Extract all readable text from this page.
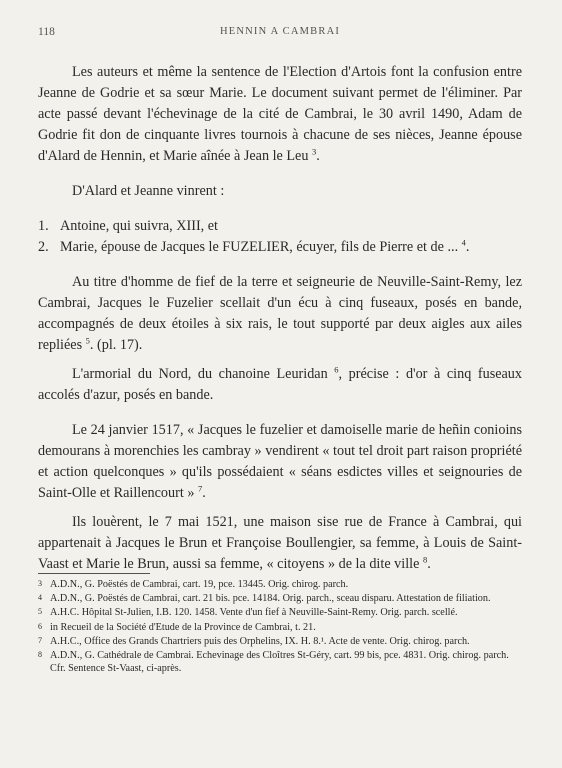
118	HENNIN A CAMBRAI

Les auteurs et même la sentence de l'Election d'Artois font la confusion entre Jeanne de Godrie et sa sœur Marie. Le document suivant permet de l'éliminer. Par acte passé devant l'échevinage de la cité de Cambrai, le 30 avril 1490, Adam de Godrie fit don de cinquante livres tournois à chacune de ses nièces, Jeanne épouse d'Alard de Hennin, et Marie aînée à Jean le Leu $^3$.

D'Alard et Jeanne vinrent :

1. Antoine, qui suivra, XIII, et
2. Marie, épouse de Jacques le FUZELIER, écuyer, fils de Pierre et de ... $^4$.

Au titre d'homme de fief de la terre et seigneurie de Neuville-Saint-Remy, lez Cambrai, Jacques le Fuzelier scellait d'un écu à cinq fuseaux, posés en bande, accompagnés de deux étoiles à six rais, le tout supporté par deux aigles aux ailes repliées $^5$. (pl. 17).

L'armorial du Nord, du chanoine Leuridan $^6$, précise : d'or à cinq fuseaux accolés d'azur, posés en bande.

Le 24 janvier 1517, « Jacques le fuzelier et damoiselle marie de heñin conioins demourans à morenchies les cambray » vendirent « tout tel droit part raison propriété et action quelconques » qu'ils possédaient « séans esdictes villes et seignouries de Saint-Olle et Raillencourt » $^7$.

Ils louèrent, le 7 mai 1521, une maison sise rue de France à Cambrai, qui appartenait à Jacques le Brun et Françoise Boullengier, sa femme, à Louis de Saint-Vaast et Marie le Brun, aussi sa femme, « citoyens » de la dite ville $^8$.

3 A.D.N., G. Poëstés de Cambrai, cart. 19, pce. 13445. Orig. chirog. parch.
4 A.D.N., G. Poëstés de Cambrai, cart. 21 bis. pce. 14184. Orig. parch., sceau disparu. Attestation de filiation.
5 A.H.C. Hôpital St-Julien, I.B. 120. 1458. Vente d'un fief à Neuville-Saint-Remy. Orig. parch. scellé.
6 in Recueil de la Société d'Etude de la Province de Cambrai, t. 21.
7 A.H.C., Office des Grands Chartriers puis des Orphelins, IX. H. 8.¹. Acte de vente. Orig. chirog. parch.
8 A.D.N., G. Cathédrale de Cambrai. Echevinage des Cloîtres St-Géry, cart. 99 bis, pce. 4831. Orig. chirog. parch. Cfr. Sentence St-Vaast, ci-après.
